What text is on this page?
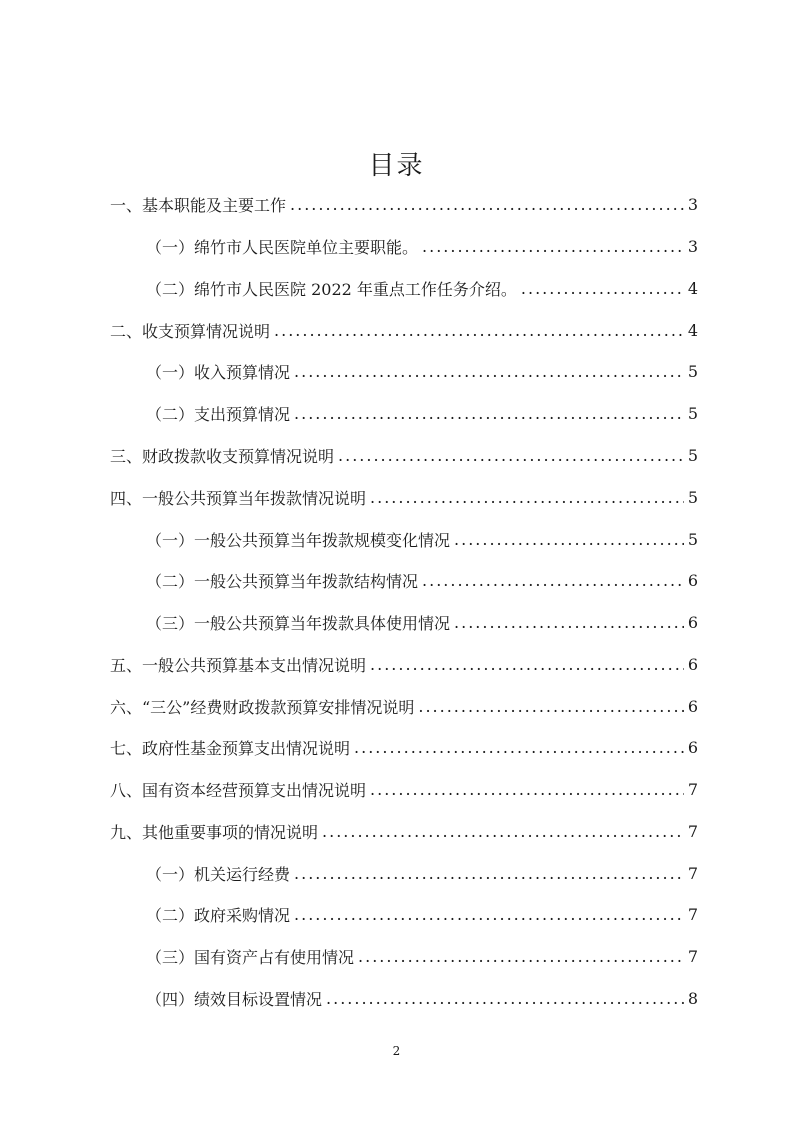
目录
一、基本职能及主要工作 .....	3
（一）绵竹市人民医院单位主要职能。 .....	3
（二）绵竹市人民医院 2022 年重点工作任务介绍。 .....	4
二、收支预算情况说明 .....	4
（一）收入预算情况 .....	5
（二）支出预算情况 .....	5
三、财政拨款收支预算情况说明 .....	5
四、一般公共预算当年拨款情况说明 .....	5
（一）一般公共预算当年拨款规模变化情况 .....	5
（二）一般公共预算当年拨款结构情况 .....	6
（三）一般公共预算当年拨款具体使用情况 .....	6
五、一般公共预算基本支出情况说明 .....	6
六、“三公”经费财政拨款预算安排情况说明 .....	6
七、政府性基金预算支出情况说明 .....	6
八、国有资本经营预算支出情况说明 .....	7
九、其他重要事项的情况说明 .....	7
（一）机关运行经费 .....	7
（二）政府采购情况 .....	7
（三）国有资产占有使用情况 .....	7
（四）绩效目标设置情况 .....	8
2
